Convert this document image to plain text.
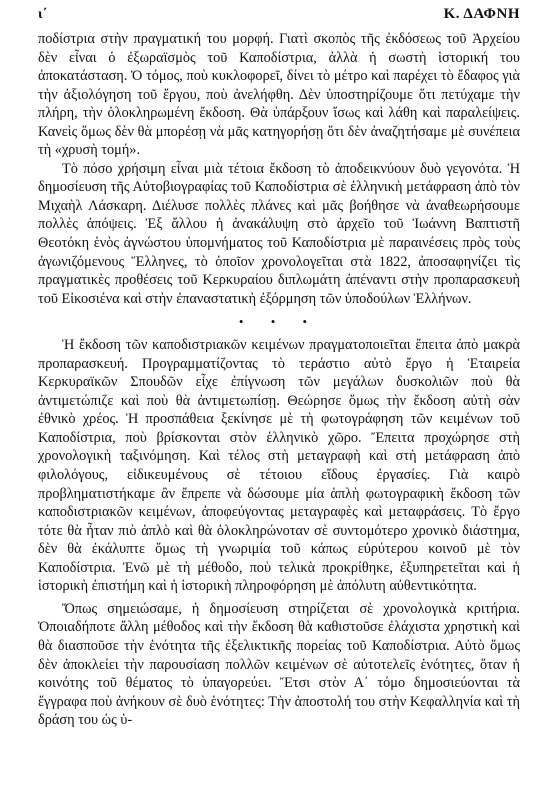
ι΄	Κ. ΔΑΦΝΗ

ποδίστρια στὴν πραγματική του μορφή. Γιατὶ σκοπὸς τῆς ἐκδόσεως τοῦ Ἀρχείου δὲν εἶναι ὁ ἐξωραϊσμὸς τοῦ Καποδίστρια, ἀλλὰ ἡ σωστὴ ἱστορική του ἀποκατάσταση. Ὁ τόμος, ποὺ κυκλοφορεῖ, δίνει τὸ μέτρο καὶ παρέχει τὸ ἔδαφος γιὰ τὴν ἀξιολόγηση τοῦ ἔργου, ποὺ ἀνελήφθη. Δὲν ὑποστηρίζουμε ὅτι πετύχαμε τὴν πλήρη, τὴν ὁλοκληρωμένη ἔκδοση. Θὰ ὑπάρξουν ἴσως καὶ λάθη καὶ παραλείψεις. Κανεὶς ὅμως δὲν θὰ μπορέσῃ νὰ μᾶς κατηγορήσῃ ὅτι δὲν ἀναζητήσαμε μὲ συνέπεια τὴ «χρυσὴ τομή».

Τὸ πόσο χρήσιμη εἶναι μιὰ τέτοια ἔκδοση τὸ ἀποδεικνύουν δυὸ γεγονότα. Ἡ δημοσίευση τῆς Αὐτοβιογραφίας τοῦ Καποδίστρια σὲ ἑλληνικὴ μετάφραση ἀπὸ τὸν Μιχαὴλ Λάσκαρη. Διέλυσε πολλὲς πλάνες καὶ μᾶς βοήθησε νὰ ἀναθεωρήσουμε πολλὲς ἀπόψεις. Ἐξ ἄλλου ἡ ἀνακάλυψη στὸ ἀρχεῖο τοῦ Ἰωάννη Βαπτιστῆ Θεοτόκη ἑνὸς ἀγνώστου ὑπομνήματος τοῦ Καποδίστρια μὲ παραινέσεις πρὸς τοὺς ἀγωνιζόμενους Ἕλληνες, τὸ ὁποῖον χρονολογεῖται στὰ 1822, ἀποσαφηνίζει τὶς πραγματικὲς προθέσεις τοῦ Κερκυραίου διπλωμάτη ἀπέναντι στὴν προπαρασκευὴ τοῦ Εἰκοσιένα καὶ στὴν ἐπαναστατικὴ ἐξόρμηση τῶν ὑποδούλων Ἑλλήνων.

• • •

Ἡ ἔκδοση τῶν καποδιστριακῶν κειμένων πραγματοποιεῖται ἔπειτα ἀπὸ μακρὰ προπαρασκευή. Προγραμματίζοντας τὸ τεράστιο αὐτὸ ἔργο ἡ Ἑταιρεία Κερκυραϊκῶν Σπουδῶν εἶχε ἐπίγνωση τῶν μεγάλων δυσκολιῶν ποὺ θὰ ἀντιμετώπιζε καὶ ποὺ θὰ ἀντιμετωπίσῃ. Θεώρησε ὅμως τὴν ἔκδοση αὐτὴ σὰν ἐθνικὸ χρέος. Ἡ προσπάθεια ξεκίνησε μὲ τὴ φωτογράφηση τῶν κειμένων τοῦ Καποδίστρια, ποὺ βρίσκονται στὸν ἑλληνικὸ χῶρο. Ἔπειτα προχώρησε στὴ χρονολογικὴ ταξινόμηση. Καὶ τέλος στὴ μεταγραφὴ καὶ στὴ μετάφραση ἀπὸ φιλολόγους, εἰδικευμένους σὲ τέτοιου εἴδους ἐργασίες. Γιὰ καιρὸ προβληματιστήκαμε ἂν ἔπρεπε νὰ δώσουμε μία ἁπλὴ φωτογραφικὴ ἔκδοση τῶν καποδιστριακῶν κειμένων, ἀποφεύγοντας μεταγραφὲς καὶ μεταφράσεις. Τὸ ἔργο τότε θὰ ἦταν πιὸ ἁπλὸ καὶ θὰ ὁλοκληρώνοταν σὲ συντομότερο χρονικὸ διάστημα, δὲν θὰ ἐκάλυπτε ὅμως τὴ γνωριμία τοῦ κάπως εὐρύτερου κοινοῦ μὲ τὸν Καποδίστρια. Ἐνῶ μὲ τὴ μέθοδο, ποὺ τελικὰ προκρίθηκε, ἐξυπηρετεῖται καὶ ἡ ἱστορικὴ ἐπιστήμη καὶ ἡ ἱστορικὴ πληροφόρηση μὲ ἀπόλυτη αὐθεντικότητα.

Ὅπως σημειώσαμε, ἡ δημοσίευση στηρίζεται σὲ χρονολογικὰ κριτήρια. Ὁποιαδήποτε ἄλλη μέθοδος καὶ τὴν ἔκδοση θὰ καθιστοῦσε ἐλάχιστα χρηστικὴ καὶ θὰ διασποῦσε τὴν ἑνότητα τῆς ἐξελικτικῆς πορείας τοῦ Καποδίστρια. Αὐτὸ ὅμως δὲν ἀποκλείει τὴν παρουσίαση πολλῶν κειμένων σὲ αὐτοτελεῖς ἑνότητες, ὅταν ἡ κοινότης τοῦ θέματος τὸ ὑπαγορεύει. Ἔτσι στὸν Α΄ τόμο δημοσιεύονται τὰ ἔγγραφα ποὺ ἀνήκουν σὲ δυὸ ἑνότητες: Τὴν ἀποστολή του στὴν Κεφαλληνία καὶ τὴ δράση του ὡς ὑ-
